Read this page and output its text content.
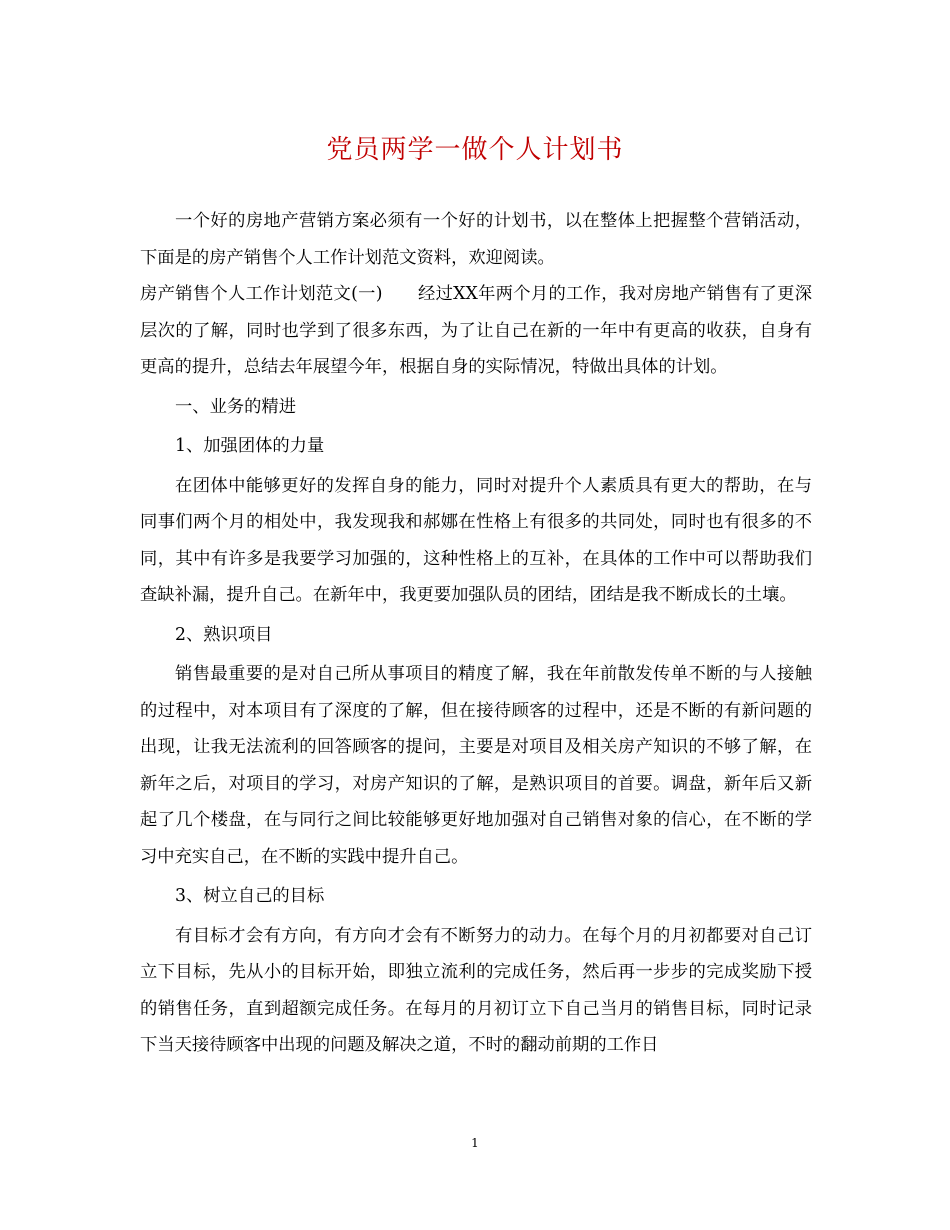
党员两学一做个人计划书

一个好的房地产营销方案必须有一个好的计划书，以在整体上把握整个营销活动，下面是的房产销售个人工作计划范文资料，欢迎阅读。

房产销售个人工作计划范文(一)　　经过XX年两个月的工作，我对房地产销售有了更深层次的了解，同时也学到了很多东西，为了让自己在新的一年中有更高的收获，自身有更高的提升，总结去年展望今年，根据自身的实际情况，特做出具体的计划。

一、业务的精进

1、加强团体的力量

在团体中能够更好的发挥自身的能力，同时对提升个人素质具有更大的帮助，在与同事们两个月的相处中，我发现我和郝娜在性格上有很多的共同处，同时也有很多的不同，其中有许多是我要学习加强的，这种性格上的互补，在具体的工作中可以帮助我们查缺补漏，提升自己。在新年中，我更要加强队员的团结，团结是我不断成长的土壤。

2、熟识项目

销售最重要的是对自己所从事项目的精度了解，我在年前散发传单不断的与人接触的过程中，对本项目有了深度的了解，但在接待顾客的过程中，还是不断的有新问题的出现，让我无法流利的回答顾客的提问，主要是对项目及相关房产知识的不够了解，在新年之后，对项目的学习，对房产知识的了解，是熟识项目的首要。调盘，新年后又新起了几个楼盘，在与同行之间比较能够更好地加强对自己销售对象的信心，在不断的学习中充实自己，在不断的实践中提升自己。

3、树立自己的目标

有目标才会有方向，有方向才会有不断努力的动力。在每个月的月初都要对自己订立下目标，先从小的目标开始，即独立流利的完成任务，然后再一步步的完成奖励下授的销售任务，直到超额完成任务。在每月的月初订立下自己当月的销售目标，同时记录下当天接待顾客中出现的问题及解决之道，不时的翻动前期的工作日

1
